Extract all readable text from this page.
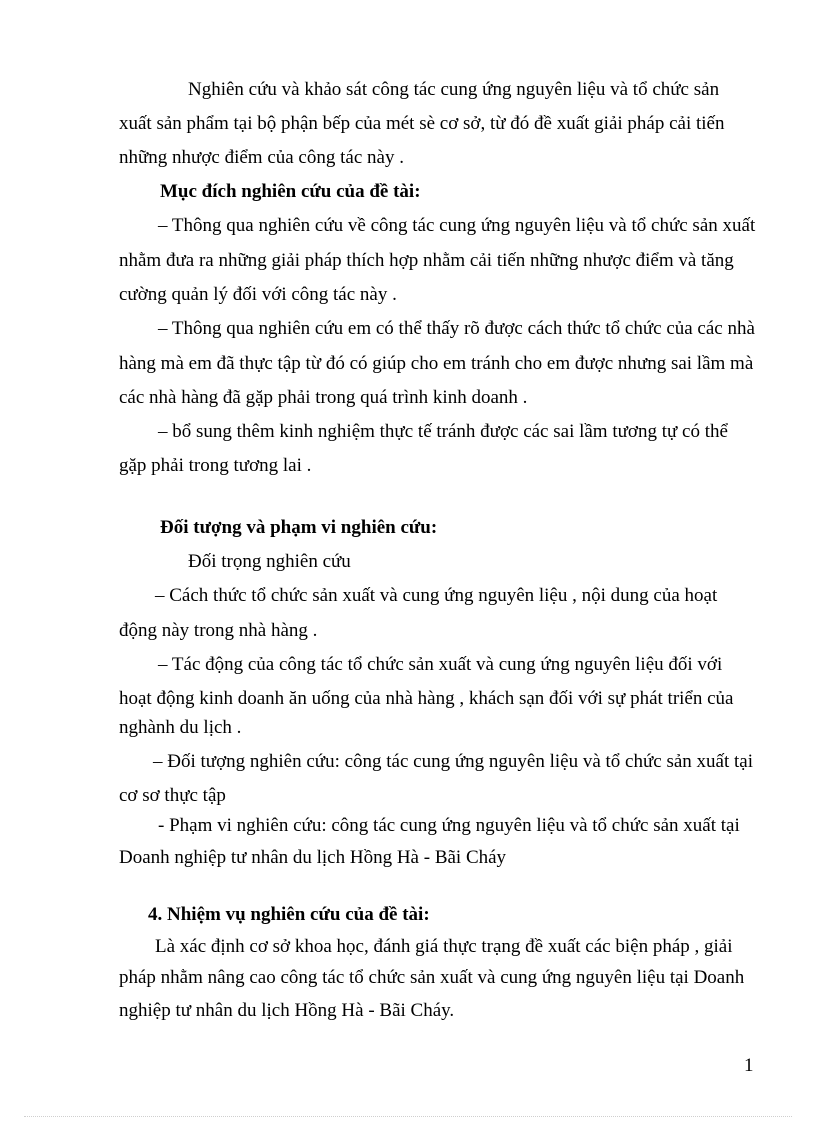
Nghiên cứu và khảo sát công tác cung ứng nguyên liệu và tổ chức sản
xuất sản phẩm tại bộ phận bếp của mét sè cơ sở, từ đó đề xuất giải pháp cải tiến
những nhược điểm của công tác này .
Mục đích nghiên cứu của đề tài:
– Thông qua nghiên cứu về công tác cung ứng nguyên liệu và tổ chức sản xuất
nhằm đưa ra những giải pháp thích hợp nhằm cải tiến những nhược điểm và tăng
cường quản lý đối với công tác này .
– Thông qua nghiên cứu em có thể thấy rõ được cách thức tổ chức của các nhà
hàng mà em đã thực tập từ đó có giúp cho em tránh cho em được nhưng sai lầm mà
các nhà hàng đã gặp phải trong quá trình kinh doanh .
– bổ sung thêm kinh nghiệm thực tế tránh được các sai lầm tương tự có thể
gặp phải trong tương lai .
Đối tượng và phạm vi nghiên cứu:
Đối trọng nghiên cứu
– Cách thức tổ chức sản xuất và cung ứng nguyên liệu , nội dung của hoạt
động này trong nhà hàng .
– Tác động của công tác tổ chức sản xuất và cung ứng nguyên liệu đối với
hoạt động kinh doanh ăn uống của nhà hàng , khách sạn đối với sự phát triển của
nghành du lịch .
– Đối tượng nghiên cứu: công tác cung ứng nguyên liệu và tổ chức sản xuất tại
cơ sơ thực tập
- Phạm vi nghiên cứu: công tác cung ứng nguyên liệu và tổ chức sản xuất tại
Doanh nghiệp tư nhân du lịch Hồng Hà - Bãi Cháy
4. Nhiệm vụ nghiên cứu của đề tài:
Là xác định cơ sở khoa học, đánh giá thực trạng đề xuất các biện pháp , giải
pháp nhằm nâng cao công tác tổ chức sản xuất và cung ứng nguyên liệu tại Doanh
nghiệp tư nhân du lịch Hồng Hà - Bãi Cháy.
1
